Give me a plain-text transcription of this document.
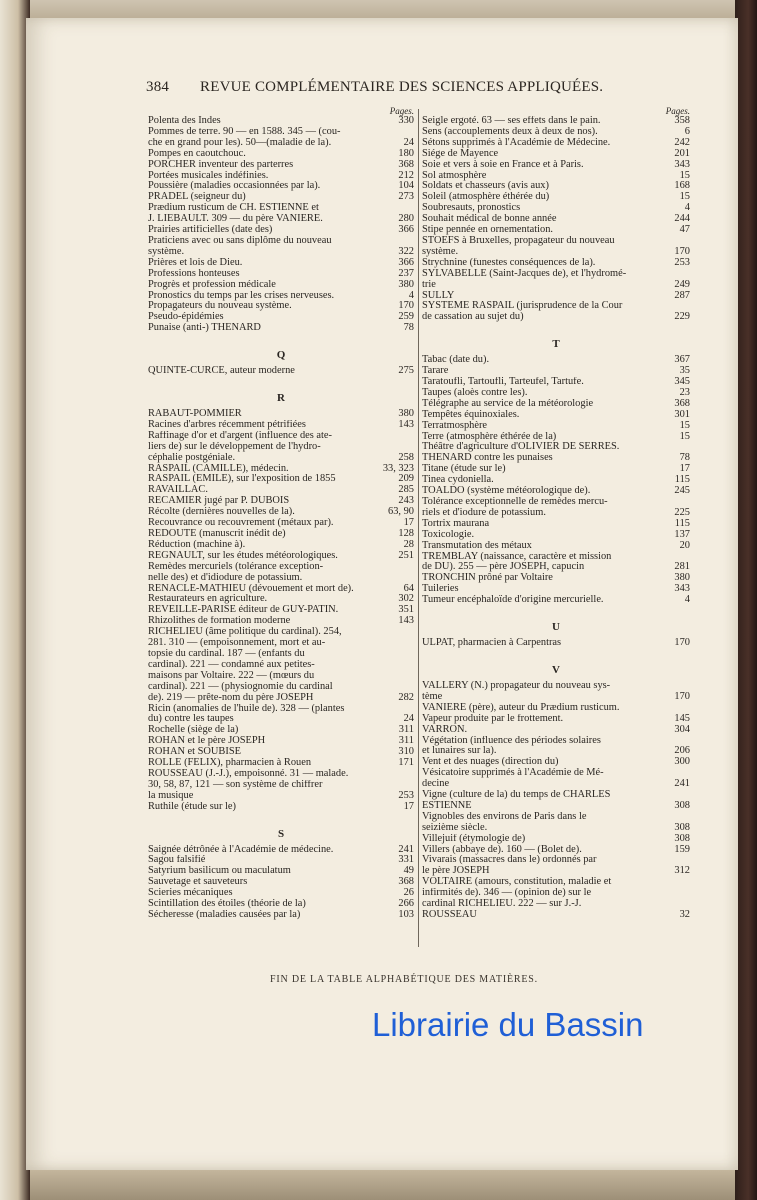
384 REVUE COMPLÉMENTAIRE DES SCIENCES APPLIQUÉES.
Pages.
Polenta des Indes	330
Pommes de terre. 90 — en 1588. 345 — (cou-
che en grand pour les). 50—(maladie de la).	24
Pompes en caoutchouc.	180
PORCHER inventeur des parterres	368
Portées musicales indéfinies.	212
Poussière (maladies occasionnées par la).	104
PRADEL (seigneur du)	273
Prædium rusticum de CH. ESTIENNE et
J. LIÉBAULT. 309 — du père VANIÈRE.	280
Prairies artificielles (date des)	366
Praticiens avec ou sans diplôme du nouveau
système.	322
Prières et lois de Dieu.	366
Professions honteuses	237
Progrès et profession médicale	380
Pronostics du temps par les crises nerveuses.	4
Propagateurs du nouveau système.	170
Pseudo-épidémies	259
Punaise (anti-) THÉNARD	78
Q
QUINTE-CURCE, auteur moderne	275
R
RABAUT-POMMIER	380
Racines d'arbres récemment pétrifiées	143
Raffinage d'or et d'argent (influence des ate-
liers de) sur le développement de l'hydro-
céphalie postgéniale.	258
RASPAIL (CAMILLE), médecin.	33, 323
RASPAIL (EMILE), sur l'exposition de 1855	209
RAVAILLAC.	285
RÉCAMIER jugé par P. DUBOIS	243
Récolte (dernières nouvelles de la).	63, 90
Recouvrance ou recouvrement (métaux par).	17
REDOUTÉ (manuscrit inédit de)	128
Réduction (machine à).	28
REGNAULT, sur les études météorologiques.	251
Remèdes mercuriels (tolérance exception-
nelle des) et d'idiodure de potassium.
RENACLE-MATHIEU (dévouement et mort de).	64
Restaurateurs en agriculture.	302
RÉVEILLÉ-PARISE éditeur de GUY-PATIN.	351
Rhizolithes de formation moderne	143
RICHELIEU (âme politique du cardinal). 254,
281. 310 — (empoisonnement, mort et au-
topsie du cardinal. 187 — (enfants du
cardinal). 221 — condamné aux petites-
maisons par Voltaire. 222 — (mœurs du
cardinal). 221 — (physiognomie du cardinal
de). 219 — prête-nom du père JOSEPH	282
Ricin (anomalies de l'huile de). 328 — (plantes
du) contre les taupes	24
Rochelle (siège de la)	311
ROHAN et le père JOSEPH	311
ROHAN et SOUBISE	310
ROLLÉ (FÉLIX), pharmacien à Rouen	171
ROUSSEAU (J.-J.), empoisonné. 31 — malade.
30, 58, 87, 121 — son système de chiffrer
la musique	253
Ruthile (étude sur le)	17
S
Saignée détrônée à l'Académie de médecine.	241
Sagou falsifié	331
Satyrium basilicum ou maculatum	49
Sauvetage et sauveteurs	368
Scieries mécaniques	26
Scintillation des étoiles (théorie de la)	266
Sécheresse (maladies causées par la)	103
Pages.
Seigle ergoté. 63 — ses effets dans le pain.	358
Sens (accouplements deux à deux de nos).	6
Sétons supprimés à l'Académie de Médecine.	242
Siége de Mayence	201
Soie et vers à soie en France et à Paris.	343
Sol atmosphère	15
Soldats et chasseurs (avis aux)	168
Soleil (atmosphère éthérée du)	15
Soubresauts, pronostics	4
Souhait médical de bonne année	244
Stipe pennée en ornementation.	47
STOEFS à Bruxelles, propagateur du nouveau
système.	170
Strychnine (funestes conséquences de la).	253
SYLVABELLE (Saint-Jacques de), et l'hydromé-
trie	249
SULLY	287
SYSTÈME RASPAIL (jurisprudence de la Cour
de cassation au sujet du)	229
T
Tabac (date du).	367
Tarare	35
Taratoufli, Tartoufli, Tarteufel, Tartufe.	345
Taupes (aloès contre les).	23
Télégraphe au service de la météorologie	368
Tempêtes équinoxiales.	301
Terratmosphère	15
Terre (atmosphère éthérée de la)	15
Théâtre d'agriculture d'OLIVIER DE SERRES.
THÉNARD contre les punaises	78
Titane (étude sur le)	17
Tinea cydoniella.	115
TOALDO (système météorologique de).	245
Tolérance exceptionnelle de remèdes mercu-
riels et d'iodure de potassium.	225
Tortrix maurana	115
Toxicologie.	137
Transmutation des métaux	20
TREMBLAY (naissance, caractère et mission
de DU). 255 — père JOSEPH, capucin	281
TRONCHIN prôné par Voltaire	380
Tuileries	343
Tumeur encéphaloïde d'origine mercurielle.	4
U
ULPAT, pharmacien à Carpentras	170
V
VALLERY (N.) propagateur du nouveau sys-
tème	170
VANIÈRE (père), auteur du Prædium rusticum.
Vapeur produite par le frottement.	145
VARRON.	304
Végétation (influence des périodes solaires
et lunaires sur la).	206
Vent et des nuages (direction du)	300
Vésicatoire supprimés à l'Académie de Mé-
decine	241
Vigne (culture de la) du temps de CHARLES
ESTIENNE	308
Vignobles des environs de Paris dans le
seizième siècle.	308
Villejuif (étymologie de)	308
Villers (abbaye de). 160 — (Bolet de).	159
Vivarais (massacres dans le) ordonnés par
le père JOSEPH	312
VOLTAIRE (amours, constitution, maladie et
infirmités de). 346 — (opinion de) sur le
cardinal RICHELIEU. 222 — sur J.-J.
ROUSSEAU	32
FIN DE LA TABLE ALPHABÉTIQUE DES MATIÈRES.
Librairie du Bassin
